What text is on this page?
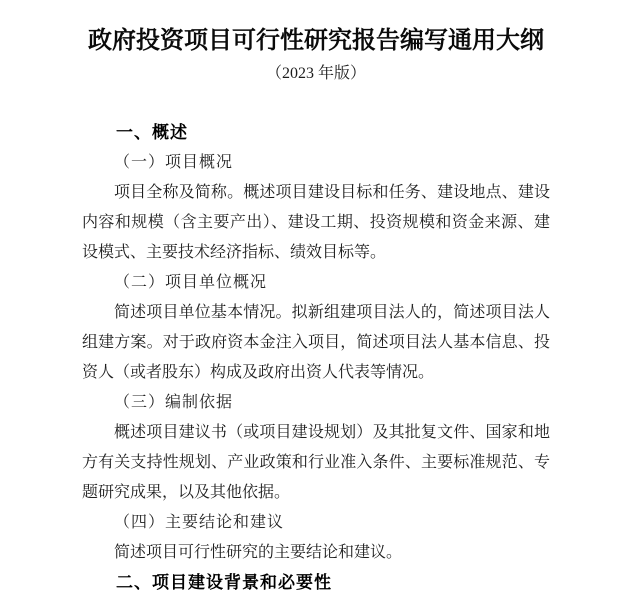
政府投资项目可行性研究报告编写通用大纲
（2023 年版）

一、概述

（一）项目概况

项目全称及简称。概述项目建设目标和任务、建设地点、建设内容和规模（含主要产出）、建设工期、投资规模和资金来源、建设模式、主要技术经济指标、绩效目标等。

（二）项目单位概况

简述项目单位基本情况。拟新组建项目法人的，简述项目法人组建方案。对于政府资本金注入项目，简述项目法人基本信息、投资人（或者股东）构成及政府出资人代表等情况。

（三）编制依据

概述项目建议书（或项目建设规划）及其批复文件、国家和地方有关支持性规划、产业政策和行业准入条件、主要标准规范、专题研究成果，以及其他依据。

（四）主要结论和建议

简述项目可行性研究的主要结论和建议。

二、项目建设背景和必要性
